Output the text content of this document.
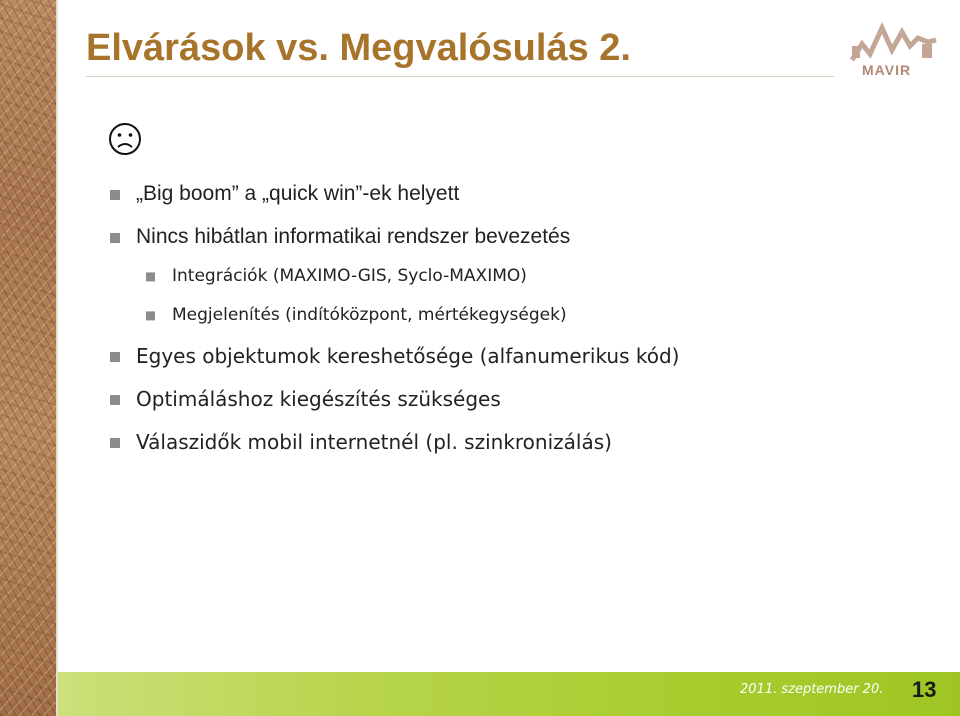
Elvárások vs. Megvalósulás 2.
MAVIR
„Big boom” a „quick win”-ek helyett
Nincs hibátlan informatikai rendszer bevezetés
Integrációk (MAXIMO-GIS, Syclo-MAXIMO)
Megjelenítés (indítóközpont, mértékegységek)
Egyes objektumok kereshetősége (alfanumerikus kód)
Optimáláshoz kiegészítés szükséges
Válaszidők mobil internetnél (pl. szinkronizálás)
2011. szeptember 20. 13
